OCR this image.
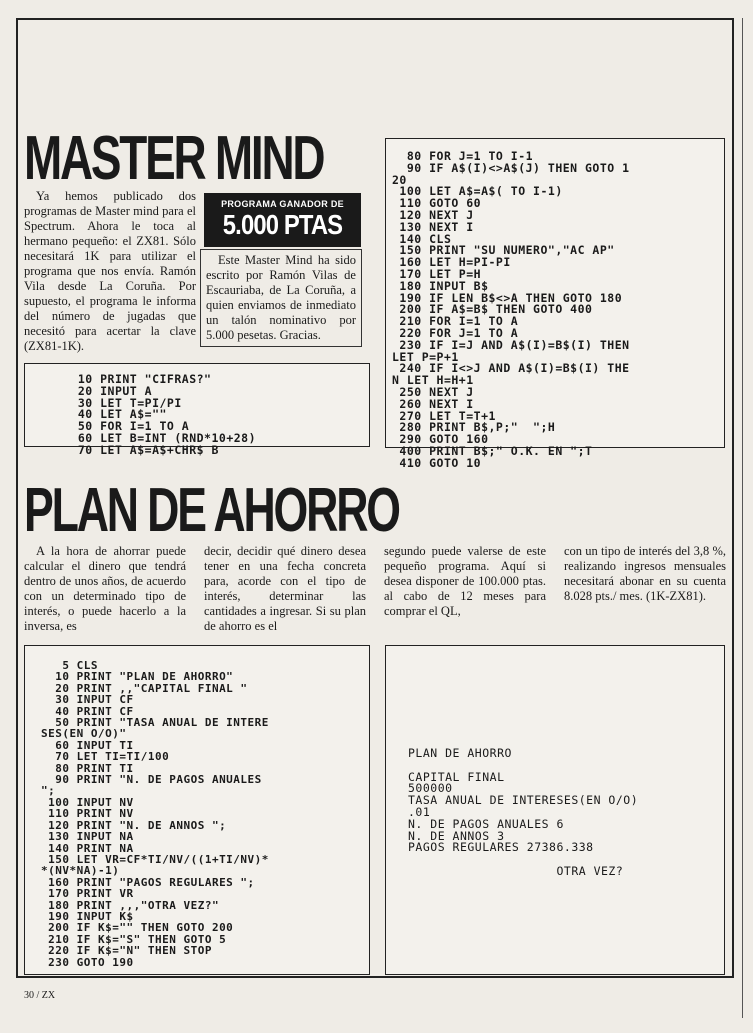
MASTER MIND

Ya hemos publicado dos programas de Master mind para el Spectrum. Ahora le toca al hermano pequeño: el ZX81. Sólo necesitará 1K para utilizar el programa que nos envía. Ramón Vila desde La Coruña. Por supuesto, el programa le informa del número de jugadas que necesitó para acertar la clave (ZX81-1K).

PROGRAMA GANADOR DE
5.000 PTAS

Este Master Mind ha sido escrito por Ramón Vilas de Escauriaba, de La Coruña, a quien enviamos de inmediato un talón nominativo por 5.000 pesetas. Gracias.

10 PRINT "CIFRAS?"
20 INPUT A
30 LET T=PI/PI
40 LET A$=""
50 FOR I=1 TO A
60 LET B=INT (RND*10+28)
70 LET A$=A$+CHR$ B
80 FOR J=1 TO I-1
90 IF A$(I)<>A$(J) THEN GOTO 1
20
100 LET A$=A$( TO I-1)
110 GOTO 60
120 NEXT J
130 NEXT I
140 CLS
150 PRINT "SU NUMERO","AC AP"
160 LET H=PI-PI
170 LET P=H
180 INPUT B$
190 IF LEN B$<>A THEN GOTO 180
200 IF A$=B$ THEN GOTO 400
210 FOR I=1 TO A
220 FOR J=1 TO A
230 IF I=J AND A$(I)=B$(I) THEN
LET P=P+1
240 IF I<>J AND A$(I)=B$(I) THE
N LET H=H+1
250 NEXT J
260 NEXT I
270 LET T=T+1
280 PRINT B$,P;"  ";H
290 GOTO 160
400 PRINT B$;" O.K. EN ";T
410 GOTO 10
PLAN DE AHORRO

A la hora de ahorrar puede calcular el dinero que tendrá dentro de unos años, de acuerdo con un determinado tipo de interés, o puede hacerlo a la inversa, es

decir, decidir qué dinero desea tener en una fecha concreta para, acorde con el tipo de interés, determinar las cantidades a ingresar. Si su plan de ahorro es el

segundo puede valerse de este pequeño programa. Aquí si desea disponer de 100.000 ptas. al cabo de 12 meses para comprar el QL,

con un tipo de interés del 3,8 %, realizando ingresos mensuales necesitará abonar en su cuenta 8.028 pts./ mes. (1K-ZX81).

5 CLS
10 PRINT "PLAN DE AHORRO"
20 PRINT ,,"CAPITAL FINAL "
30 INPUT CF
40 PRINT CF
50 PRINT "TASA ANUAL DE INTERE
SES(EN O/O)"
60 INPUT TI
70 LET TI=TI/100
80 PRINT TI
90 PRINT "N. DE PAGOS ANUALES
";
100 INPUT NV
110 PRINT NV
120 PRINT "N. DE ANNOS ";
130 INPUT NA
140 PRINT NA
150 LET VR=CF*TI/NV/((1+TI/NV)*
*(NV*NA)-1)
160 PRINT "PAGOS REGULARES ";
170 PRINT VR
180 PRINT ,,,"OTRA VEZ?"
190 INPUT K$
200 IF K$="" THEN GOTO 200
210 IF K$="S" THEN GOTO 5
220 IF K$="N" THEN STOP
230 GOTO 190
PLAN DE AHORRO

CAPITAL FINAL
500000
TASA ANUAL DE INTERESES(EN O/O)
.01
N. DE PAGOS ANUALES 6
N. DE ANNOS 3
PAGOS REGULARES 27386.338

OTRA VEZ?
30 / ZX
